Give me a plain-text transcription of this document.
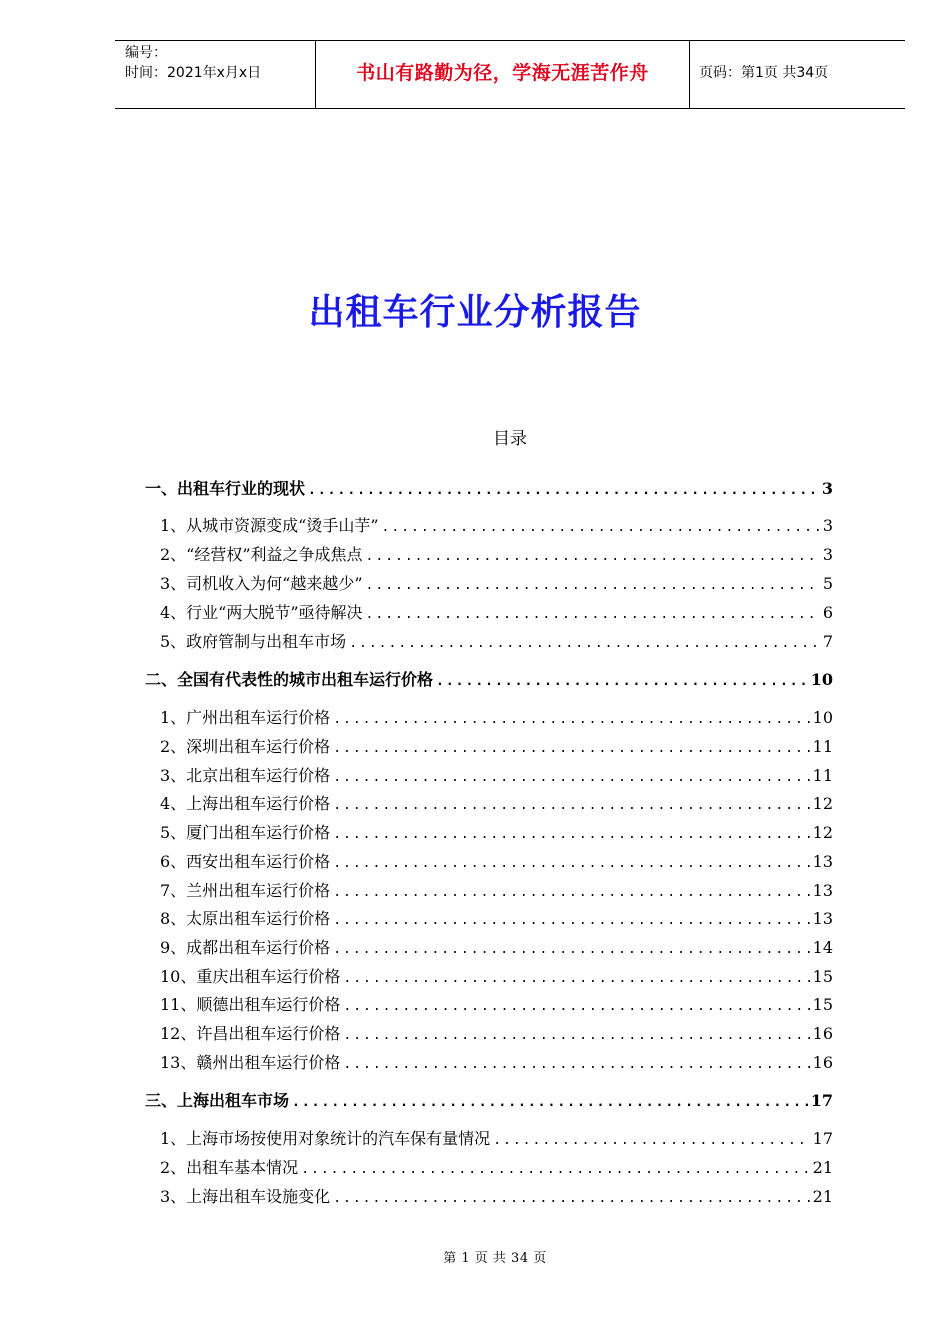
编号：
时间：2021年x月x日	书山有路勤为径，学海无涯苦作舟	页码：第1页 共34页
出租车行业分析报告
目录
一、出租车行业的现状 .....	3
1、从城市资源变成“烫手山芋” .....	3
2、“经营权”利益之争成焦点 .....	3
3、司机收入为何“越来越少” .....	5
4、行业“两大脱节”亟待解决 .....	6
5、政府管制与出租车市场 .....	7
二、全国有代表性的城市出租车运行价格 .....	10
1、广州出租车运行价格 .....	10
2、深圳出租车运行价格 .....	11
3、北京出租车运行价格 .....	11
4、上海出租车运行价格 .....	12
5、厦门出租车运行价格 .....	12
6、西安出租车运行价格 .....	13
7、兰州出租车运行价格 .....	13
8、太原出租车运行价格 .....	13
9、成都出租车运行价格 .....	14
10、重庆出租车运行价格 .....	15
11、顺德出租车运行价格 .....	15
12、许昌出租车运行价格 .....	16
13、赣州出租车运行价格 .....	16
三、上海出租车市场 .....	17
1、上海市场按使用对象统计的汽车保有量情况 .....	17
2、出租车基本情况 .....	21
3、上海出租车设施变化 .....	21
第 1 页 共 34 页
